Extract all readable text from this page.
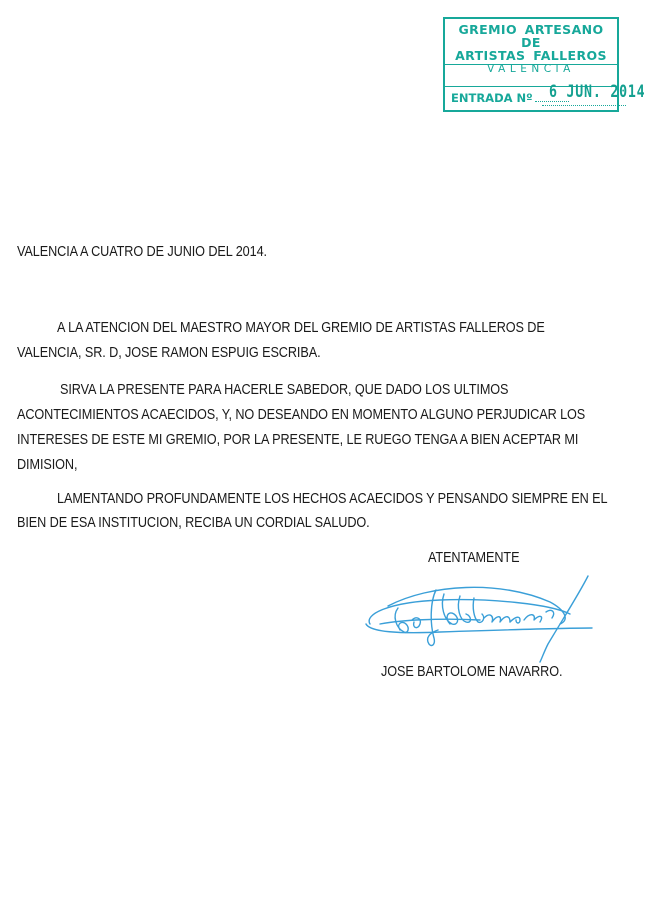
GREMIO ARTESANO DE
ARTISTAS FALLEROS
VALENCIA
ENTRADA Nº 6 JUN. 2014
VALENCIA A CUATRO DE JUNIO DEL 2014.
A LA ATENCION DEL MAESTRO MAYOR DEL GREMIO DE ARTISTAS FALLEROS DE
VALENCIA, SR. D, JOSE RAMON ESPUIG ESCRIBA.
SIRVA LA PRESENTE PARA HACERLE SABEDOR, QUE DADO LOS ULTIMOS
ACONTECIMIENTOS ACAECIDOS, Y, NO DESEANDO EN MOMENTO ALGUNO PERJUDICAR LOS
INTERESES DE ESTE MI GREMIO, POR LA PRESENTE, LE RUEGO TENGA A BIEN ACEPTAR MI
DIMISION,
LAMENTANDO PROFUNDAMENTE LOS HECHOS ACAECIDOS Y PENSANDO SIEMPRE EN EL
BIEN DE ESA INSTITUCION, RECIBA UN CORDIAL SALUDO.
ATENTAMENTE
JOSE BARTOLOME NAVARRO.
